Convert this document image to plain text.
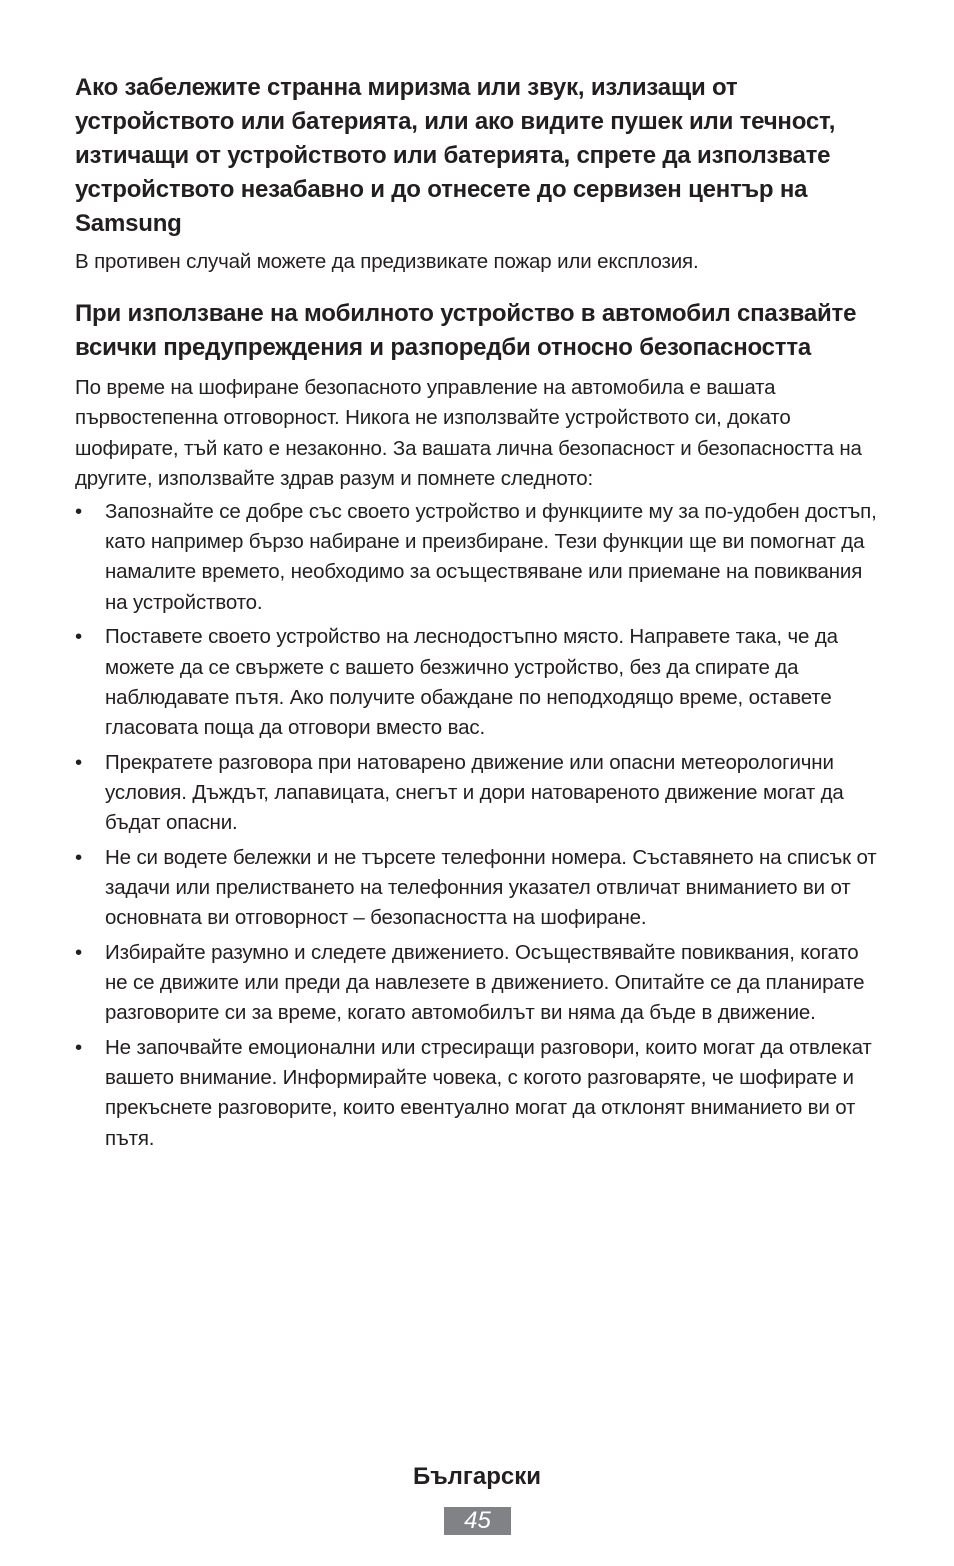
Ако забележите странна миризма или звук, излизащи от устройството или батерията, или ако видите пушек или течност, изтичащи от устройството или батерията, спрете да използвате устройството незабавно и до отнесете до сервизен център на Samsung

В противен случай можете да предизвикате пожар или експлозия.

При използване на мобилното устройство в автомобил спазвайте всички предупреждения и разпоредби относно безопасността

По време на шофиране безопасното управление на автомобила е вашата първостепенна отговорност. Никога не използвайте устройството си, докато шофирате, тъй като е незаконно. За вашата лична безопасност и безопасността на другите, използвайте здрав разум и помнете следното:

•	Запознайте се добре със своето устройство и функциите му за по-удобен достъп, като например бързо набиране и преизбиране. Тези функции ще ви помогнат да намалите времето, необходимо за осъществяване или приемане на повиквания на устройството.
•	Поставете своето устройство на леснодостъпно място. Направете така, че да можете да се свържете с вашето безжично устройство, без да спирате да наблюдавате пътя. Ако получите обаждане по неподходящо време, оставете гласовата поща да отговори вместо вас.
•	Прекратете разговора при натоварено движение или опасни метеорологични условия. Дъждът, лапавицата, снегът и дори натовареното движение могат да бъдат опасни.
•	Не си водете бележки и не търсете телефонни номера. Съставянето на списък от задачи или прелистването на телефонния указател отвличат вниманието ви от основната ви отговорност – безопасността на шофиране.
•	Избирайте разумно и следете движението. Осъществявайте повиквания, когато не се движите или преди да навлезете в движението. Опитайте се да планирате разговорите си за време, когато автомобилът ви няма да бъде в движение.
•	Не започвайте емоционални или стресиращи разговори, които могат да отвлекат вашето внимание. Информирайте човека, с когото разговаряте, че шофирате и прекъснете разговорите, които евентуално могат да отклонят вниманието ви от пътя.
Български
45
